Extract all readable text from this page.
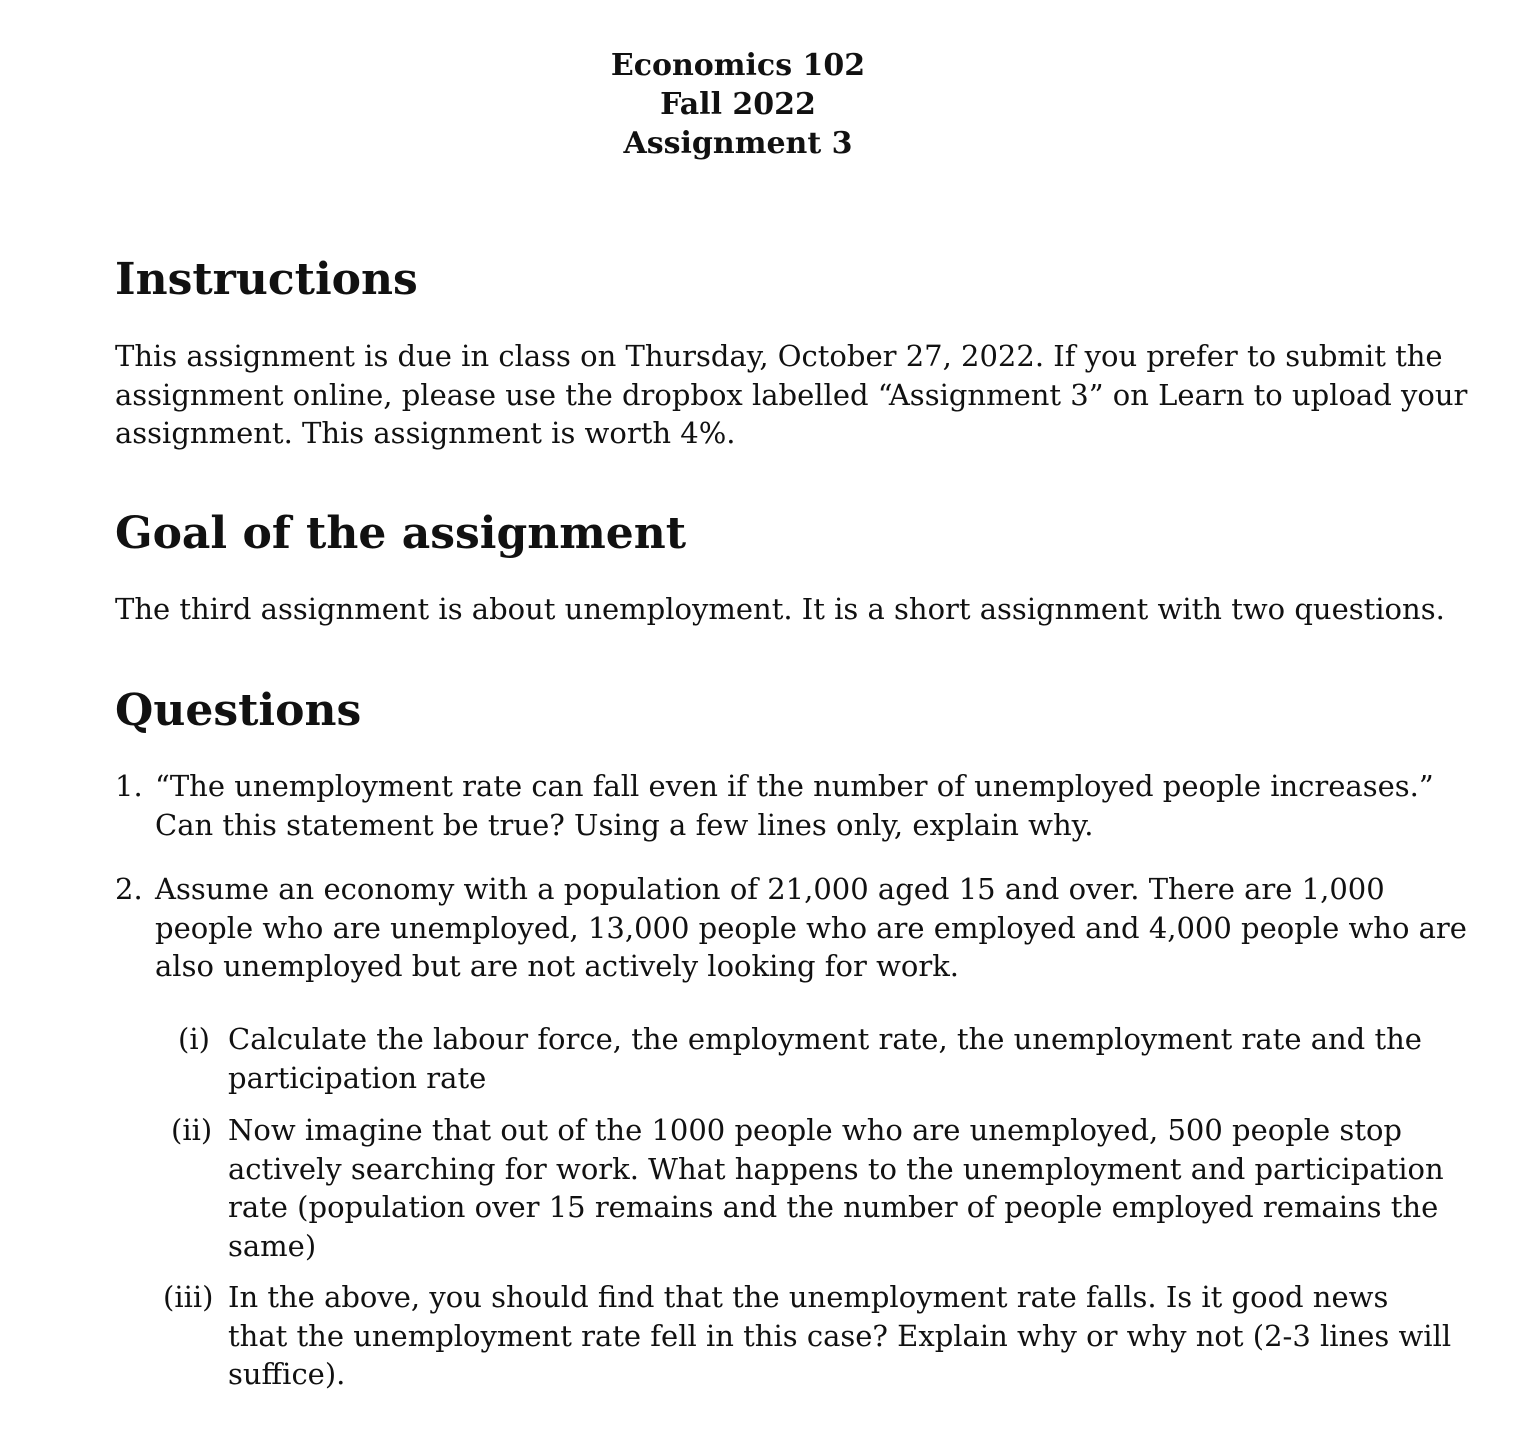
Economics 102
Fall 2022
Assignment 3
Instructions
This assignment is due in class on Thursday, October 27, 2022. If you prefer to submit the
assignment online, please use the dropbox labelled “Assignment 3” on Learn to upload your
assignment. This assignment is worth 4%.
Goal of the assignment
The third assignment is about unemployment. It is a short assignment with two questions.
Questions
1. “The unemployment rate can fall even if the number of unemployed people increases.”
Can this statement be true? Using a few lines only, explain why.
2. Assume an economy with a population of 21,000 aged 15 and over. There are 1,000
people who are unemployed, 13,000 people who are employed and 4,000 people who are
also unemployed but are not actively looking for work.
(i) Calculate the labour force, the employment rate, the unemployment rate and the
participation rate
(ii) Now imagine that out of the 1000 people who are unemployed, 500 people stop
actively searching for work. What happens to the unemployment and participation
rate (population over 15 remains and the number of people employed remains the
same)
(iii) In the above, you should find that the unemployment rate falls. Is it good news
that the unemployment rate fell in this case? Explain why or why not (2-3 lines will
suffice).
